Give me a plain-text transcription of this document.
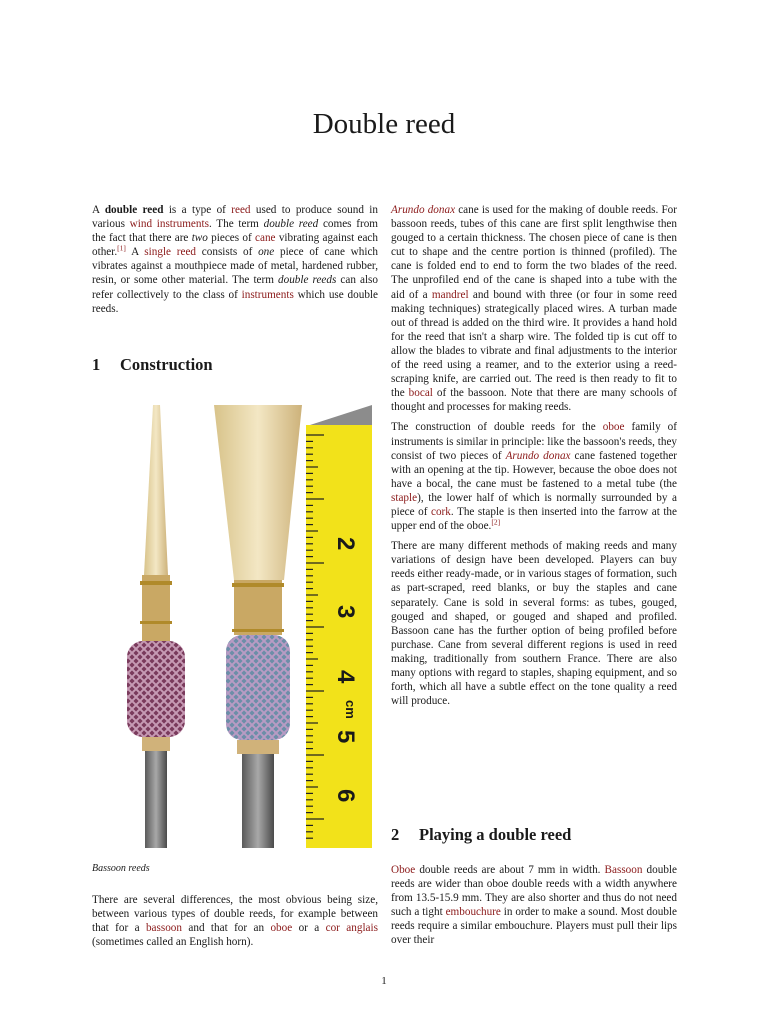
Double reed

A double reed is a type of reed used to produce sound in various wind instruments. The term double reed comes from the fact that there are two pieces of cane vibrating against each other.[1] A single reed consists of one piece of cane which vibrates against a mouthpiece made of metal, hardened rubber, resin, or some other material. The term double reeds can also refer collectively to the class of instruments which use double reeds.

1 Construction
2
3
4
5
6
cm
Bassoon reeds

There are several differences, the most obvious being size, between various types of double reeds, for example between that for a bassoon and that for an oboe or a cor anglais (sometimes called an English horn).

Arundo donax cane is used for the making of double reeds. For bassoon reeds, tubes of this cane are first split lengthwise then gouged to a certain thickness. The chosen piece of cane is then cut to shape and the centre portion is thinned (profiled). The cane is folded end to end to form the two blades of the reed. The unprofiled end of the cane is shaped into a tube with the aid of a mandrel and bound with three (or four in some reed making techniques) strategically placed wires. A turban made out of thread is added on the third wire. It provides a hand hold for the reed that isn't a sharp wire. The folded tip is cut off to allow the blades to vibrate and final adjustments to the interior of the reed using a reamer, and to the exterior using a reed-scraping knife, are carried out. The reed is then ready to fit to the bocal of the bassoon. Note that there are many schools of thought and processes for making reeds.

The construction of double reeds for the oboe family of instruments is similar in principle: like the bassoon's reeds, they consist of two pieces of Arundo donax cane fastened together with an opening at the tip. However, because the oboe does not have a bocal, the cane must be fastened to a metal tube (the staple), the lower half of which is normally surrounded by a piece of cork. The staple is then inserted into the farrow at the upper end of the oboe.[2]

There are many different methods of making reeds and many variations of design have been developed. Players can buy reeds either ready-made, or in various stages of formation, such as part-scraped, reed blanks, or buy the staples and cane separately. Cane is sold in several forms: as tubes, gouged, gouged and shaped, or gouged and shaped and profiled. Bassoon cane has the further option of being profiled before purchase. Cane from several different regions is used in reed making, traditionally from southern France. There are also many options with regard to staples, shaping equipment, and so forth, which all have a subtle effect on the tone quality a reed will produce.

2 Playing a double reed

Oboe double reeds are about 7 mm in width. Bassoon double reeds are wider than oboe double reeds with a width anywhere from 13.5-15.9 mm. They are also shorter and thus do not need such a tight embouchure in order to make a sound. Most double reeds require a similar embouchure. Players must pull their lips over their

1
